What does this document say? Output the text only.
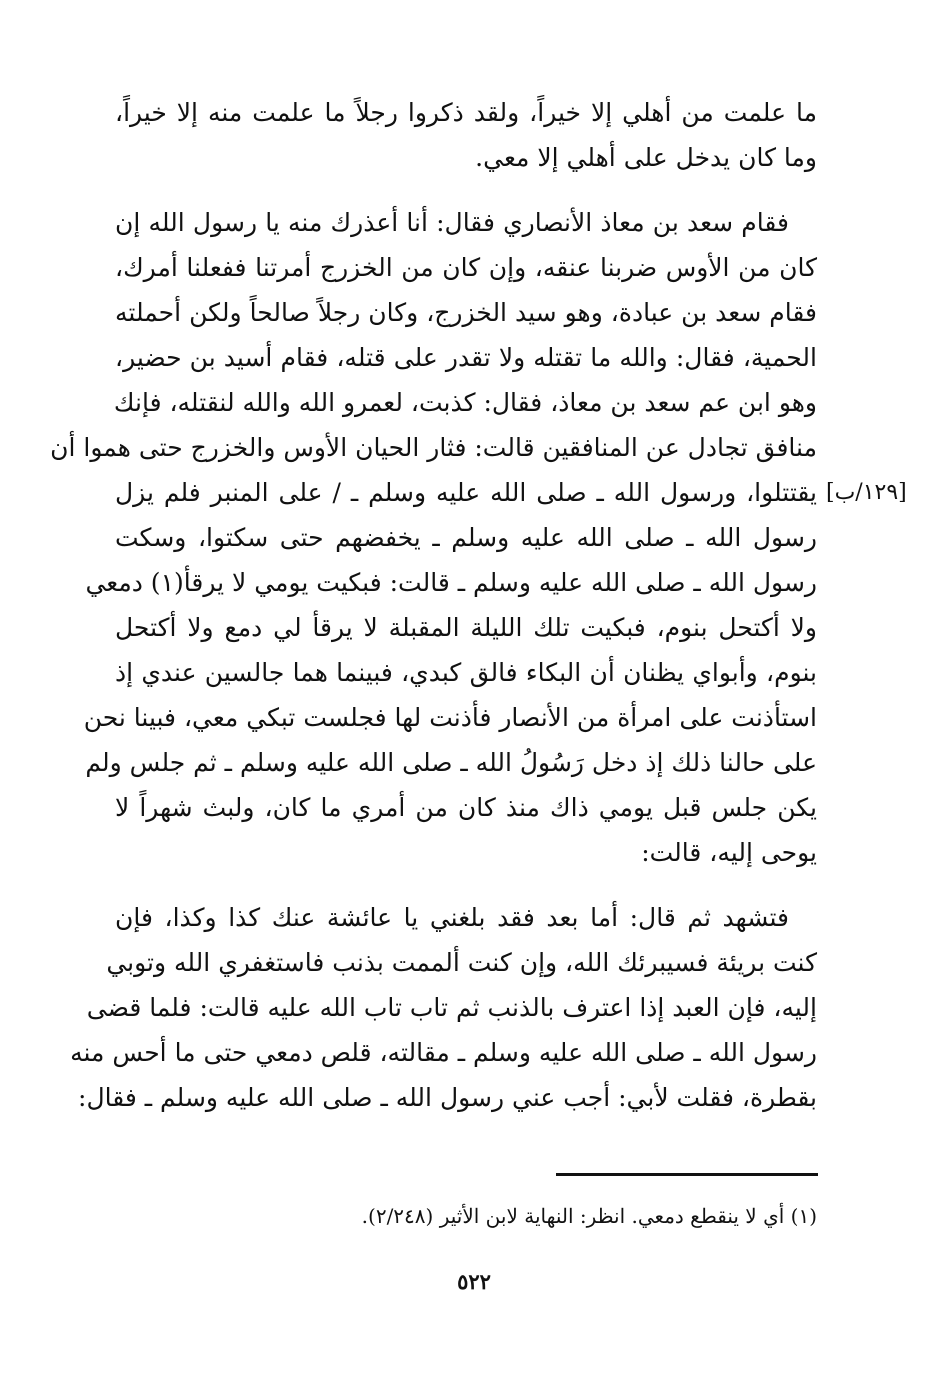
ما علمت من أهلي إلا خيراً، ولقد ذكروا رجلاً ما علمت منه إلا خيراً،
وما كان يدخل على أهلي إلا معي.
فقام سعد بن معاذ الأنصاري فقال: أنا أعذرك منه يا رسول الله إن
كان من الأوس ضربنا عنقه، وإن كان من الخزرج أمرتنا ففعلنا أمرك،
فقام سعد بن عبادة، وهو سيد الخزرج، وكان رجلاً صالحاً ولكن أحملته
الحمية، فقال: والله ما تقتله ولا تقدر على قتله، فقام أسيد بن حضير،
وهو ابن عم سعد بن معاذ، فقال: كذبت، لعمرو الله والله لنقتله، فإنك
منافق تجادل عن المنافقين قالت: فثار الحيان الأوس والخزرج حتى هموا أن
يقتتلوا، ورسول الله ـ صلى الله عليه وسلم ـ / على المنبر فلم يزل
رسول الله ـ صلى الله عليه وسلم ـ يخفضهم حتى سكتوا، وسكت
رسول الله ـ صلى الله عليه وسلم ـ قالت: فبكيت يومي لا يرقأ(١) دمعي
ولا أكتحل بنوم، فبكيت تلك الليلة المقبلة لا يرقأ لي دمع ولا أكتحل
بنوم، وأبواي يظنان أن البكاء فالق كبدي، فبينما هما جالسين عندي إذ
استأذنت على امرأة من الأنصار فأذنت لها فجلست تبكي معي، فبينا نحن
على حالنا ذلك إذ دخل رَسُولُ الله ـ صلى الله عليه وسلم ـ ثم جلس ولم
يكن جلس قبل يومي ذاك منذ كان من أمري ما كان، ولبث شهراً لا
يوحى إليه، قالت:
فتشهد ثم قال: أما بعد فقد بلغني يا عائشة عنك كذا وكذا، فإن
كنت بريئة فسيبرئك الله، وإن كنت ألممت بذنب فاستغفري الله وتوبي
إليه، فإن العبد إذا اعترف بالذنب ثم تاب تاب الله عليه قالت: فلما قضى
رسول الله ـ صلى الله عليه وسلم ـ مقالته، قلص دمعي حتى ما أحس منه
بقطرة، فقلت لأبي: أجب عني رسول الله ـ صلى الله عليه وسلم ـ فقال:
[١٢٩/ب]
(١) أي لا ينقطع دمعي. انظر: النهاية لابن الأثير (٢/٢٤٨).
٥٢٢
